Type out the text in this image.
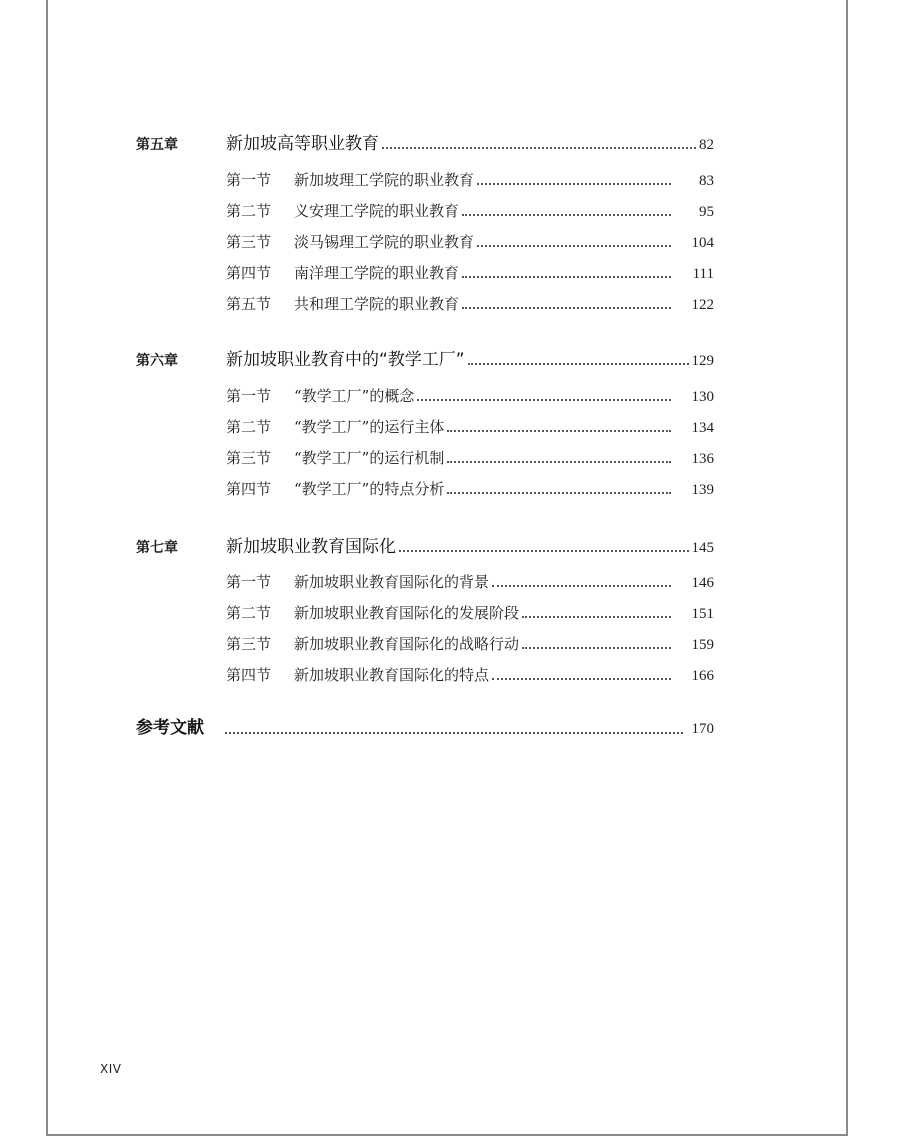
第五章	新加坡高等职业教育	82
第一节	新加坡理工学院的职业教育	83
第二节	义安理工学院的职业教育	95
第三节	淡马锡理工学院的职业教育	104
第四节	南洋理工学院的职业教育	111
第五节	共和理工学院的职业教育	122
第六章	新加坡职业教育中的“教学工厂”	129
第一节	“教学工厂”的概念	130
第二节	“教学工厂”的运行主体	134
第三节	“教学工厂”的运行机制	136
第四节	“教学工厂”的特点分析	139
第七章	新加坡职业教育国际化	145
第一节	新加坡职业教育国际化的背景	146
第二节	新加坡职业教育国际化的发展阶段	151
第三节	新加坡职业教育国际化的战略行动	159
第四节	新加坡职业教育国际化的特点	166
参考文献	170
XIV
